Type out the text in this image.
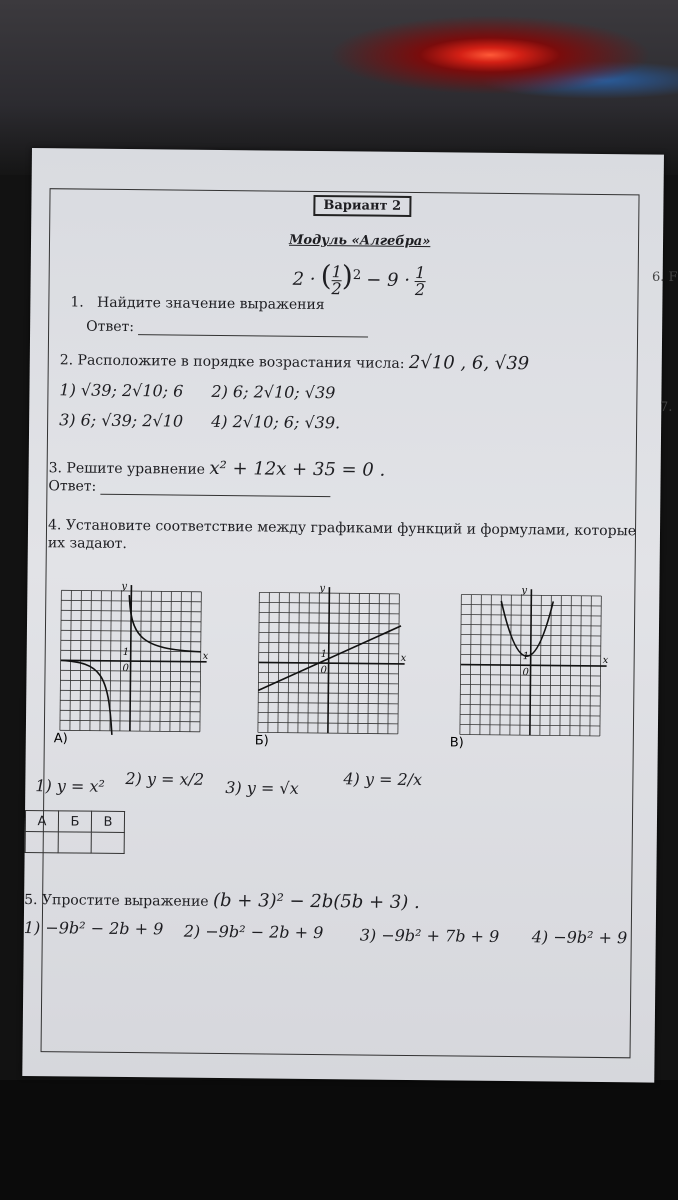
Вариант 2
Модуль «Алгебра»
2 · ( $\frac{1}{2} )^2 - 9 \cdot \frac{1}{2}$
1. Найдите значение выражения
Ответ:
2. Расположите в порядке возрастания числа: 2√10 , 6, √39
1) √39; 2√10; 6 2) 6; 2√10; √39
3) 6; √39; 2√10 4) 2√10; 6; √39.
3. Решите уравнение x² + 12x + 35 = 0 .
Ответ:
4. Установите соответствие между графиками функций и формулами, которые их задают.
y
x
1
0
А)
y
x
1
0
Б)
y
x
1
0
В)
1) y = x² 2) y = x/2 3) y = √x	4) y = 2/x
А	Б	В

5. Упростите выражение (b + 3)² − 2b(5b + 3) .
1) −9b² − 2b + 9 2) −9b² − 2b + 9 3) −9b² + 7b + 9 4) −9b² + 9
6. F
7.
